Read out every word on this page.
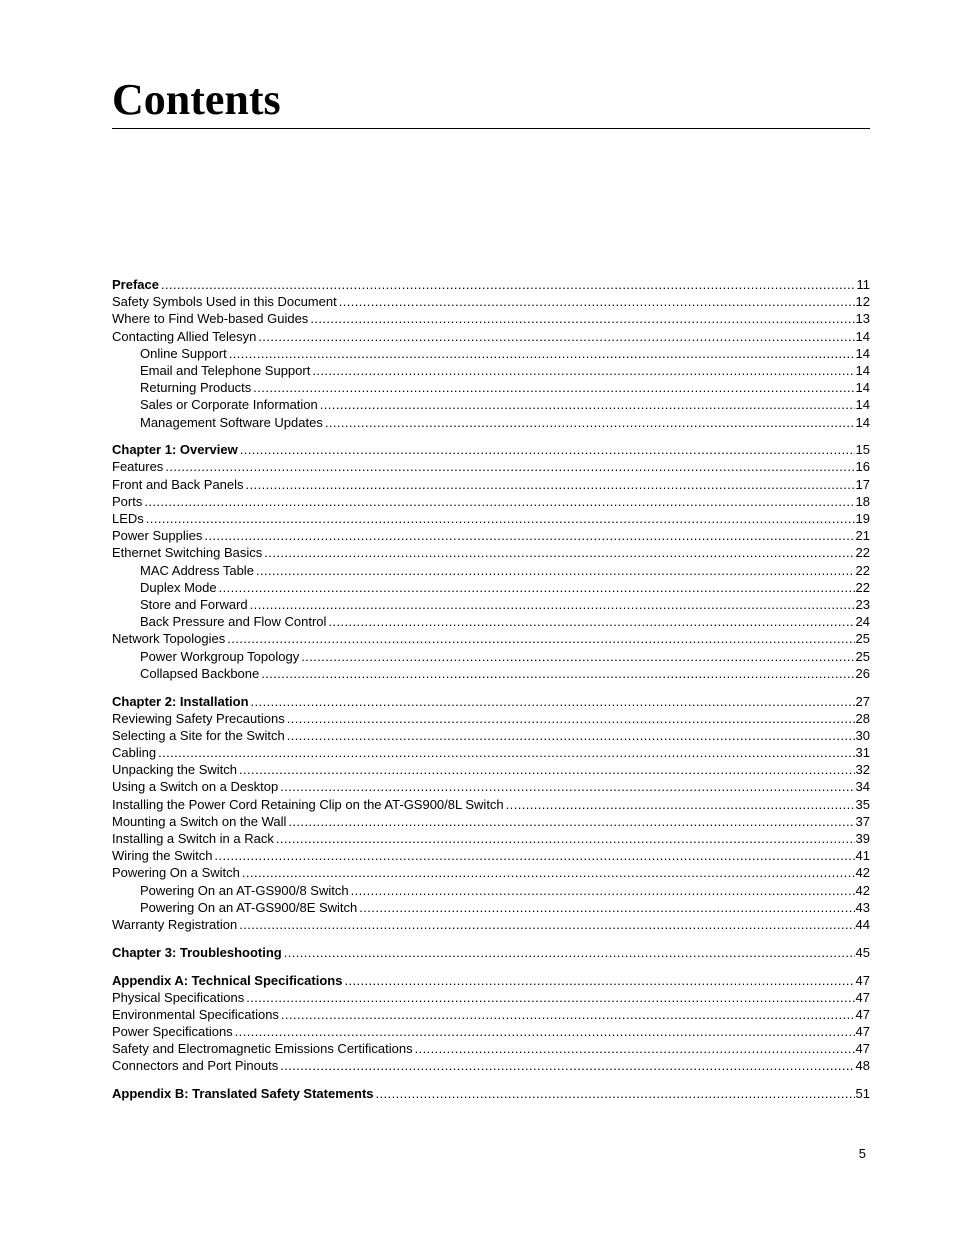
Contents
Preface .....	11
Safety Symbols Used in this Document .....	12
Where to Find Web-based Guides .....	13
Contacting Allied Telesyn .....	14
Online Support .....	14
Email and Telephone Support .....	14
Returning Products .....	14
Sales or Corporate Information .....	14
Management Software Updates .....	14
Chapter 1: Overview .....	15
Features .....	16
Front and Back Panels .....	17
Ports .....	18
LEDs .....	19
Power Supplies .....	21
Ethernet Switching Basics .....	22
MAC Address Table .....	22
Duplex Mode .....	22
Store and Forward .....	23
Back Pressure and Flow Control .....	24
Network Topologies .....	25
Power Workgroup Topology .....	25
Collapsed Backbone .....	26
Chapter 2: Installation .....	27
Reviewing Safety Precautions .....	28
Selecting a Site for the Switch .....	30
Cabling .....	31
Unpacking the Switch .....	32
Using a Switch on a Desktop .....	34
Installing the Power Cord Retaining Clip on the AT-GS900/8L Switch .....	35
Mounting a Switch on the Wall .....	37
Installing a Switch in a Rack .....	39
Wiring the Switch .....	41
Powering On a Switch .....	42
Powering On an AT-GS900/8 Switch .....	42
Powering On an AT-GS900/8E Switch .....	43
Warranty Registration .....	44
Chapter 3: Troubleshooting .....	45
Appendix A: Technical Specifications .....	47
Physical Specifications .....	47
Environmental Specifications .....	47
Power Specifications .....	47
Safety and Electromagnetic Emissions Certifications .....	47
Connectors and Port Pinouts .....	48
Appendix B: Translated Safety Statements .....	51
5
